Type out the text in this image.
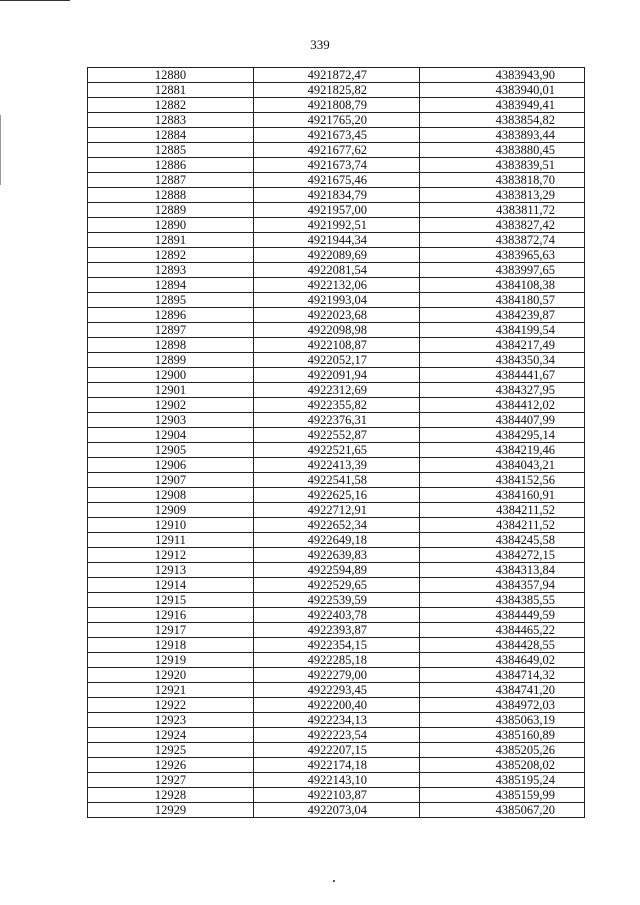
339
12880	4921872,47	4383943,90
12881	4921825,82	4383940,01
12882	4921808,79	4383949,41
12883	4921765,20	4383854,82
12884	4921673,45	4383893,44
12885	4921677,62	4383880,45
12886	4921673,74	4383839,51
12887	4921675,46	4383818,70
12888	4921834,79	4383813,29
12889	4921957,00	4383811,72
12890	4921992,51	4383827,42
12891	4921944,34	4383872,74
12892	4922089,69	4383965,63
12893	4922081,54	4383997,65
12894	4922132,06	4384108,38
12895	4921993,04	4384180,57
12896	4922023,68	4384239,87
12897	4922098,98	4384199,54
12898	4922108,87	4384217,49
12899	4922052,17	4384350,34
12900	4922091,94	4384441,67
12901	4922312,69	4384327,95
12902	4922355,82	4384412,02
12903	4922376,31	4384407,99
12904	4922552,87	4384295,14
12905	4922521,65	4384219,46
12906	4922413,39	4384043,21
12907	4922541,58	4384152,56
12908	4922625,16	4384160,91
12909	4922712,91	4384211,52
12910	4922652,34	4384211,52
12911	4922649,18	4384245,58
12912	4922639,83	4384272,15
12913	4922594,89	4384313,84
12914	4922529,65	4384357,94
12915	4922539,59	4384385,55
12916	4922403,78	4384449,59
12917	4922393,87	4384465,22
12918	4922354,15	4384428,55
12919	4922285,18	4384649,02
12920	4922279,00	4384714,32
12921	4922293,45	4384741,20
12922	4922200,40	4384972,03
12923	4922234,13	4385063,19
12924	4922223,54	4385160,89
12925	4922207,15	4385205,26
12926	4922174,18	4385208,02
12927	4922143,10	4385195,24
12928	4922103,87	4385159,99
12929	4922073,04	4385067,20
